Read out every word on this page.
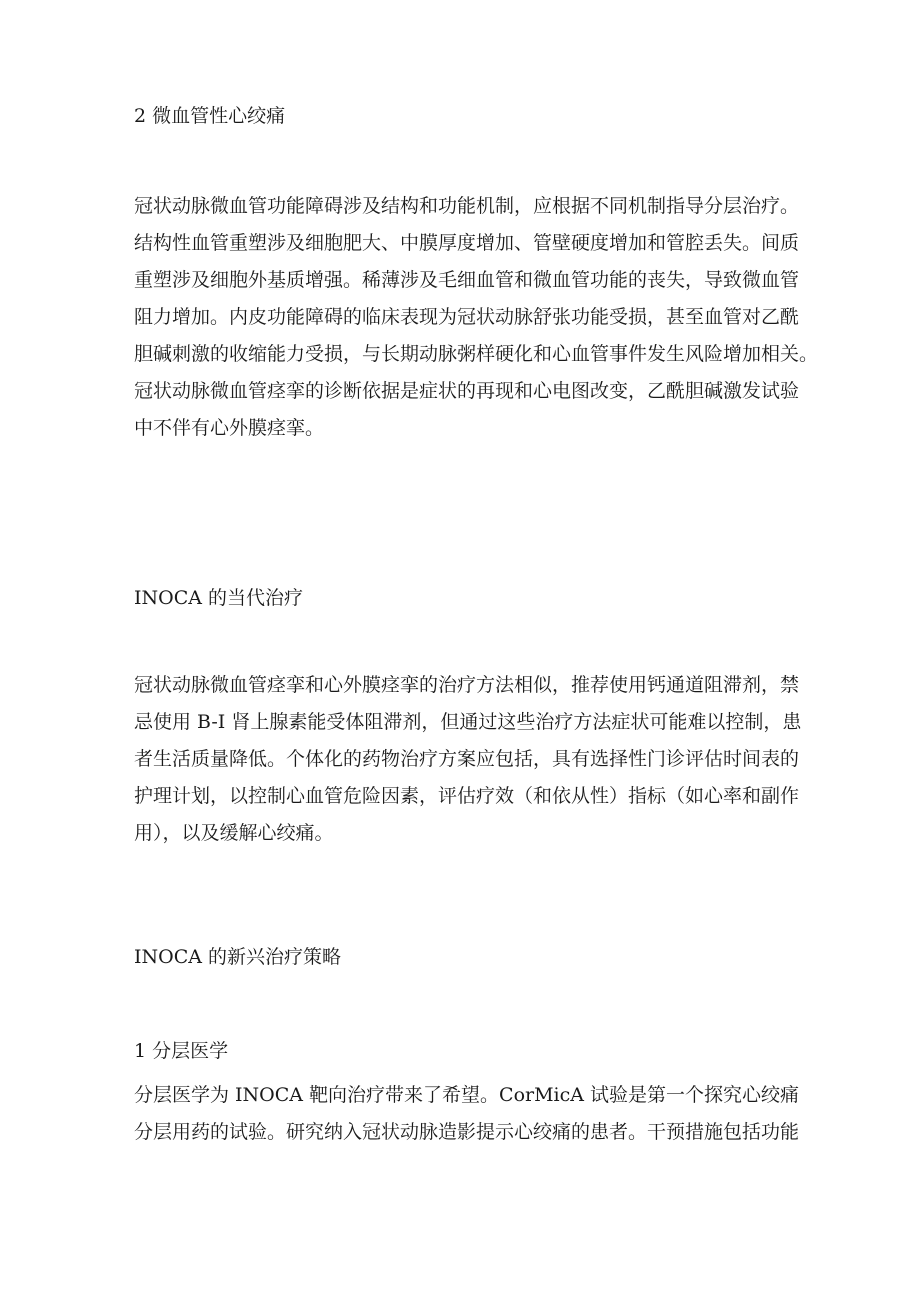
2 微血管性心绞痛
冠状动脉微血管功能障碍涉及结构和功能机制，应根据不同机制指导分层治疗。
结构性血管重塑涉及细胞肥大、中膜厚度增加、管壁硬度增加和管腔丢失。间质
重塑涉及细胞外基质增强。稀薄涉及毛细血管和微血管功能的丧失，导致微血管
阻力增加。内皮功能障碍的临床表现为冠状动脉舒张功能受损，甚至血管对乙酰
胆碱刺激的收缩能力受损，与长期动脉粥样硬化和心血管事件发生风险增加相关。
冠状动脉微血管痉挛的诊断依据是症状的再现和心电图改变，乙酰胆碱激发试验
中不伴有心外膜痉挛。
INOCA 的当代治疗
冠状动脉微血管痉挛和心外膜痉挛的治疗方法相似，推荐使用钙通道阻滞剂，禁
忌使用 B-I 肾上腺素能受体阻滞剂，但通过这些治疗方法症状可能难以控制，患
者生活质量降低。个体化的药物治疗方案应包括，具有选择性门诊评估时间表的
护理计划，以控制心血管危险因素，评估疗效（和依从性）指标（如心率和副作
用），以及缓解心绞痛。
INOCA 的新兴治疗策略
1 分层医学
分层医学为 INOCA 靶向治疗带来了希望。CorMicA 试验是第一个探究心绞痛
分层用药的试验。研究纳入冠状动脉造影提示心绞痛的患者。干预措施包括功能
